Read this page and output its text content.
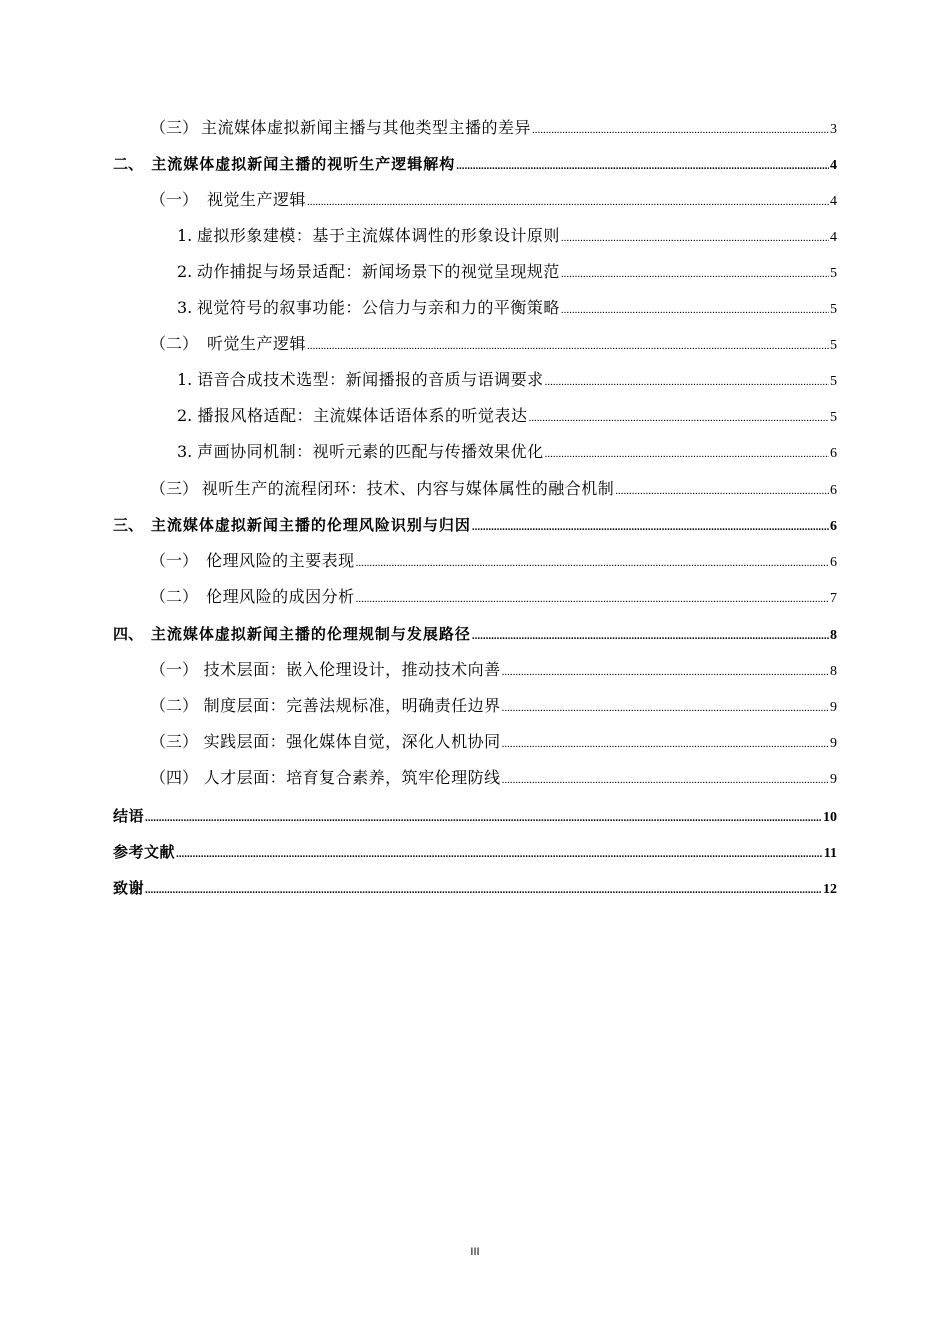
（三） 主流媒体虚拟新闻主播与其他类型主播的差异 .....	3
二、 主流媒体虚拟新闻主播的视听生产逻辑解构 .....	4
（一） 视觉生产逻辑 .....	4
1. 虚拟形象建模：基于主流媒体调性的形象设计原则 .....	4
2. 动作捕捉与场景适配：新闻场景下的视觉呈现规范 .....	5
3. 视觉符号的叙事功能：公信力与亲和力的平衡策略 .....	5
（二） 听觉生产逻辑 .....	5
1. 语音合成技术选型：新闻播报的音质与语调要求 .....	5
2. 播报风格适配：主流媒体话语体系的听觉表达 .....	5
3. 声画协同机制：视听元素的匹配与传播效果优化 .....	6
（三） 视听生产的流程闭环：技术、内容与媒体属性的融合机制 .....	6
三、 主流媒体虚拟新闻主播的伦理风险识别与归因 .....	6
（一） 伦理风险的主要表现 .....	6
（二） 伦理风险的成因分析 .....	7
四、 主流媒体虚拟新闻主播的伦理规制与发展路径 .....	8
（一） 技术层面：嵌入伦理设计，推动技术向善 .....	8
（二） 制度层面：完善法规标准，明确责任边界 .....	9
（三） 实践层面：强化媒体自觉，深化人机协同 .....	9
（四） 人才层面：培育复合素养，筑牢伦理防线 .....	9
结语 .....	10
参考文献 .....	11
致谢 .....	12
III
